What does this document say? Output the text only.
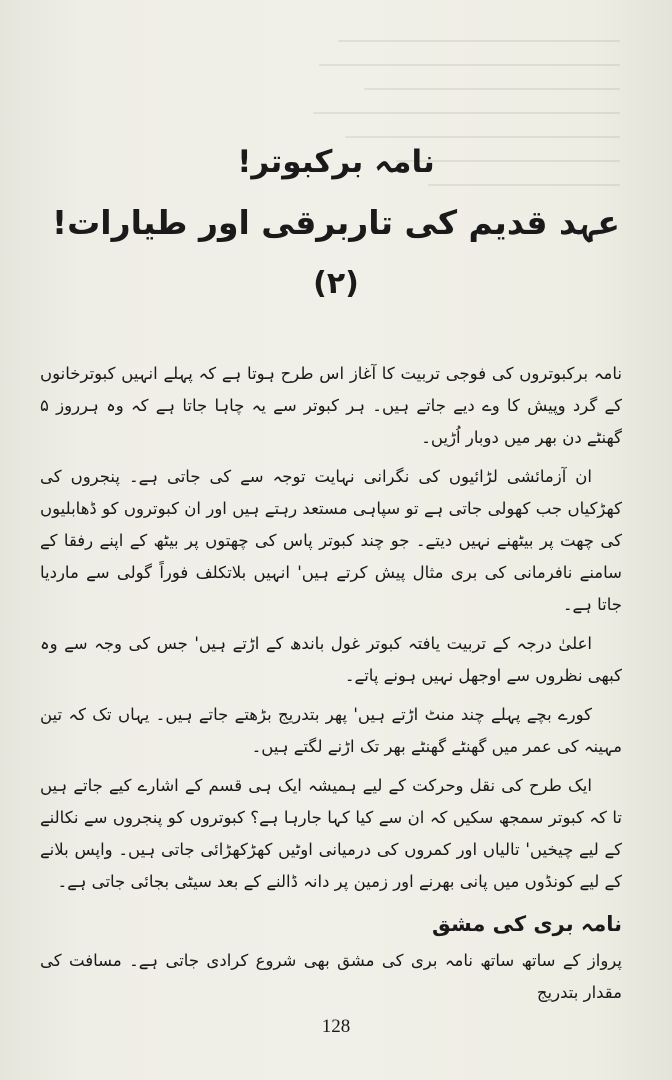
نامہ برکبوتر!
عہد قدیم کی تاربرقی اور طیارات!
(۲)

نامہ برکبوتروں کی فوجی تربیت کا آغاز اس طرح ہوتا ہے کہ پہلے انہیں کبوترخانوں کے گرد وپیش کا وے دیے جاتے ہیں۔ ہر کبوتر سے یہ چاہا جاتا ہے کہ وہ ہرروز ۵ گھنٹے دن بھر میں دوبار اُڑیں۔

ان آزمائشی لڑائیوں کی نگرانی نہایت توجہ سے کی جاتی ہے۔ پنجروں کی کھڑکیاں جب کھولی جاتی ہے تو سپاہی مستعد رہتے ہیں اور ان کبوتروں کو ڈھابلیوں کی چھت پر بیٹھنے نہیں دیتے۔ جو چند کبوتر پاس کی چھتوں پر بیٹھ کے اپنے رفقا کے سامنے نافرمانی کی بری مثال پیش کرتے ہیں' انہیں بلاتکلف فوراً گولی سے ماردیا جاتا ہے۔

اعلیٰ درجہ کے تربیت یافتہ کبوتر غول باندھ کے اڑتے ہیں' جس کی وجہ سے وہ کبھی نظروں سے اوجھل نہیں ہونے پاتے۔

کورے بچے پہلے چند منٹ اڑتے ہیں' پھر بتدریج بڑھتے جاتے ہیں۔ یہاں تک کہ تین مہینہ کی عمر میں گھنٹے گھنٹے بھر تک اڑنے لگتے ہیں۔

ایک طرح کی نقل وحرکت کے لیے ہمیشہ ایک ہی قسم کے اشارے کیے جاتے ہیں تا کہ کبوتر سمجھ سکیں کہ ان سے کیا کہا جارہا ہے؟ کبوتروں کو پنجروں سے نکالنے کے لیے چیخیں' تالیاں اور کمروں کی درمیانی اوٹیں کھڑکھڑائی جاتی ہیں۔ واپس بلانے کے لیے کونڈوں میں پانی بھرنے اور زمین پر دانہ ڈالنے کے بعد سیٹی بجائی جاتی ہے۔

نامہ بری کی مشق

پرواز کے ساتھ ساتھ نامہ بری کی مشق بھی شروع کرادی جاتی ہے۔ مسافت کی مقدار بتدریج

128
